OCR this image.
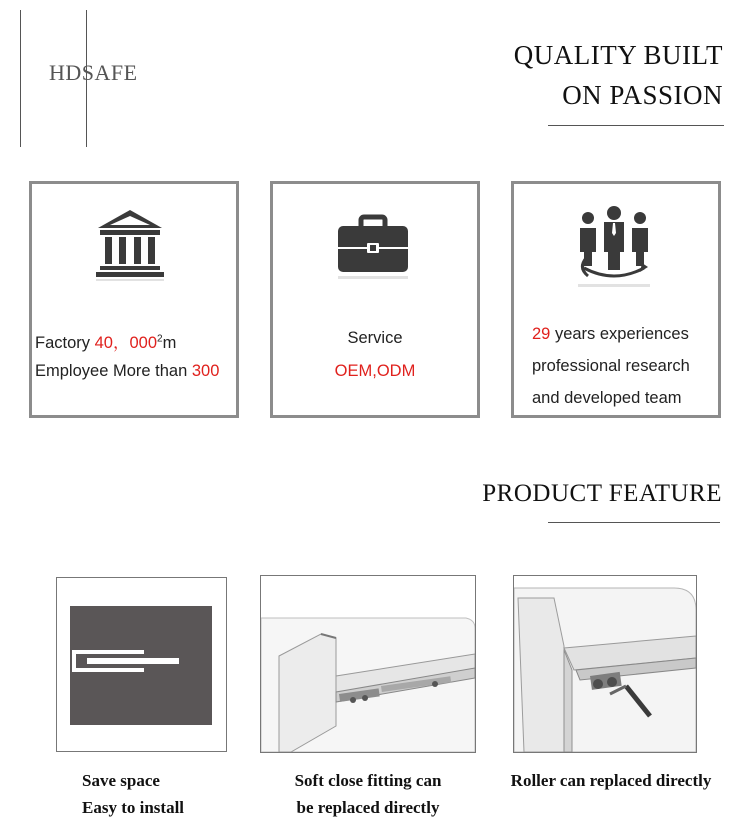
HDSAFE
QUALITY BUILT
ON PASSION
Factory 40，$000^2m$
Employee More than 300
Service
OEM,ODM
29 years experiences
professional research
and developed team
PRODUCT FEATURE
Save space
Easy to install
Soft close fitting can
be replaced directly
Roller can replaced directly
